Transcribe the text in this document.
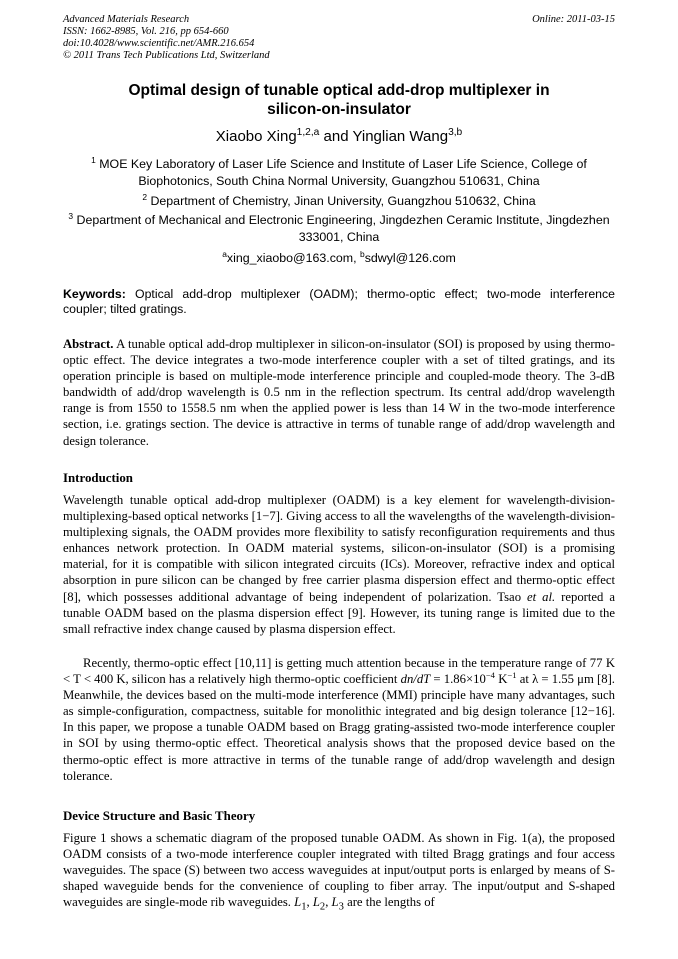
Advanced Materials Research
ISSN: 1662-8985, Vol. 216, pp 654-660
doi:10.4028/www.scientific.net/AMR.216.654
© 2011 Trans Tech Publications Ltd, Switzerland
Online: 2011-03-15
Optimal design of tunable optical add-drop multiplexer in
silicon-on-insulator
Xiaobo Xing$^{1,2,a}$ and Yinglian Wang$^{3,b}$
$^1$ MOE Key Laboratory of Laser Life Science and Institute of Laser Life Science, College of
Biophotonics, South China Normal University, Guangzhou 510631, China
$^2$ Department of Chemistry, Jinan University, Guangzhou 510632, China
$^3$ Department of Mechanical and Electronic Engineering, Jingdezhen Ceramic Institute, Jingdezhen
333001, China
$^a$xing_xiaobo@163.com, $^b$sdwyl@126.com
Keywords: Optical add-drop multiplexer (OADM); thermo-optic effect; two-mode interference coupler; tilted gratings.
Abstract. A tunable optical add-drop multiplexer in silicon-on-insulator (SOI) is proposed by using thermo-optic effect. The device integrates a two-mode interference coupler with a set of tilted gratings, and its operation principle is based on multiple-mode interference principle and coupled-mode theory. The 3-dB bandwidth of add/drop wavelength is 0.5 nm in the reflection spectrum. Its central add/drop wavelength range is from 1550 to 1558.5 nm when the applied power is less than 14 W in the two-mode interference section, i.e. gratings section. The device is attractive in terms of tunable range of add/drop wavelength and design tolerance.
Introduction
Wavelength tunable optical add-drop multiplexer (OADM) is a key element for wavelength-division-multiplexing-based optical networks [1−7]. Giving access to all the wavelengths of the wavelength-division-multiplexing signals, the OADM provides more flexibility to satisfy reconfiguration requirements and thus enhances network protection. In OADM material systems, silicon-on-insulator (SOI) is a promising material, for it is compatible with silicon integrated circuits (ICs). Moreover, refractive index and optical absorption in pure silicon can be changed by free carrier plasma dispersion effect and thermo-optic effect [8], which possesses additional advantage of being independent of polarization. Tsao et al. reported a tunable OADM based on the plasma dispersion effect [9]. However, its tuning range is limited due to the small refractive index change caused by plasma dispersion effect.
Recently, thermo-optic effect [10,11] is getting much attention because in the temperature range of 77 K < T < 400 K, silicon has a relatively high thermo-optic coefficient $dn/dT = 1.86\times 10^{-4}$ $K^{-1}$ at λ = 1.55 μm [8]. Meanwhile, the devices based on the multi-mode interference (MMI) principle have many advantages, such as simple-configuration, compactness, suitable for monolithic integrated and big design tolerance [12−16]. In this paper, we propose a tunable OADM based on Bragg grating-assisted two-mode interference coupler in SOI by using thermo-optic effect. Theoretical analysis shows that the proposed device based on the thermo-optic effect is more attractive in terms of the tunable range of add/drop wavelength and design tolerance.
Device Structure and Basic Theory
Figure 1 shows a schematic diagram of the proposed tunable OADM. As shown in Fig. 1(a), the proposed OADM consists of a two-mode interference coupler integrated with tilted Bragg gratings and four access waveguides. The space (S) between two access waveguides at input/output ports is enlarged by means of S-shaped waveguide bends for the convenience of coupling to fiber array. The input/output and S-shaped waveguides are single-mode rib waveguides. $L_1$, $L_2$, $L_3$ are the lengths of
